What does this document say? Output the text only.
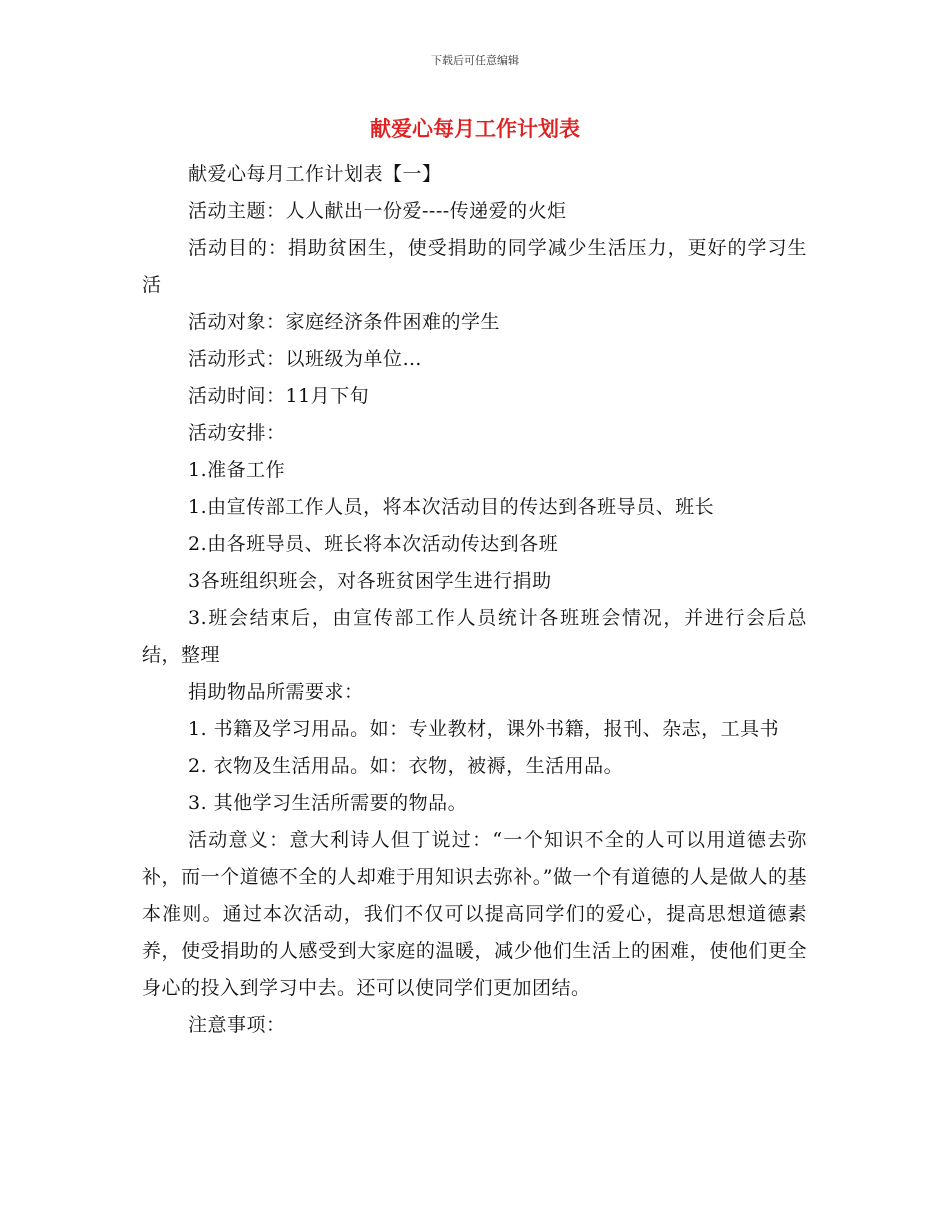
下载后可任意编辑
献爱心每月工作计划表

献爱心每月工作计划表【一】

活动主题：人人献出一份爱----传递爱的火炬

活动目的：捐助贫困生，使受捐助的同学减少生活压力，更好的学习生活

活动对象：家庭经济条件困难的学生

活动形式：以班级为单位…

活动时间：11月下旬

活动安排：

1.准备工作

1.由宣传部工作人员，将本次活动目的传达到各班导员、班长

2.由各班导员、班长将本次活动传达到各班

3各班组织班会，对各班贫困学生进行捐助

3.班会结束后，由宣传部工作人员统计各班班会情况，并进行会后总结，整理

捐助物品所需要求：

1. 书籍及学习用品。如：专业教材，课外书籍，报刊、杂志，工具书

2. 衣物及生活用品。如：衣物，被褥，生活用品。

3. 其他学习生活所需要的物品。

活动意义：意大利诗人但丁说过：“一个知识不全的人可以用道德去弥补，而一个道德不全的人却难于用知识去弥补。”做一个有道德的人是做人的基本准则。通过本次活动，我们不仅可以提高同学们的爱心，提高思想道德素养，使受捐助的人感受到大家庭的温暖，减少他们生活上的困难，使他们更全身心的投入到学习中去。还可以使同学们更加团结。

注意事项：
